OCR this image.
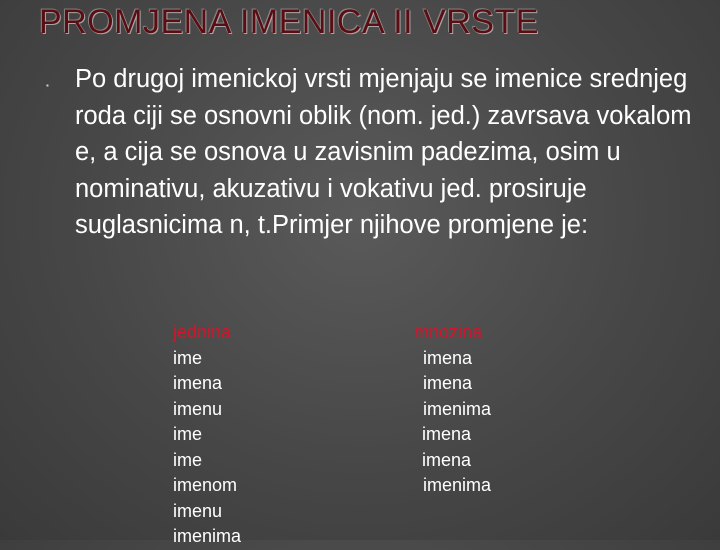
PROMJENA IMENICA II VRSTE
▪ Po drugoj imenickoj vrsti mjenjaju se imenice srednjeg roda ciji se osnovni oblik (nom. jed.) zavrsava vokalom e, a cija se osnova u zavisnim padezima, osim u nominativu, akuzativu i vokativu jed. prosiruje suglasnicima n, t.Primjer njihove promjene je:
jednina
ime
imena
imenu
ime
ime
imenom
imenu
imenima
mnozina
imena
imena
imenima
imena
imena
imenima
